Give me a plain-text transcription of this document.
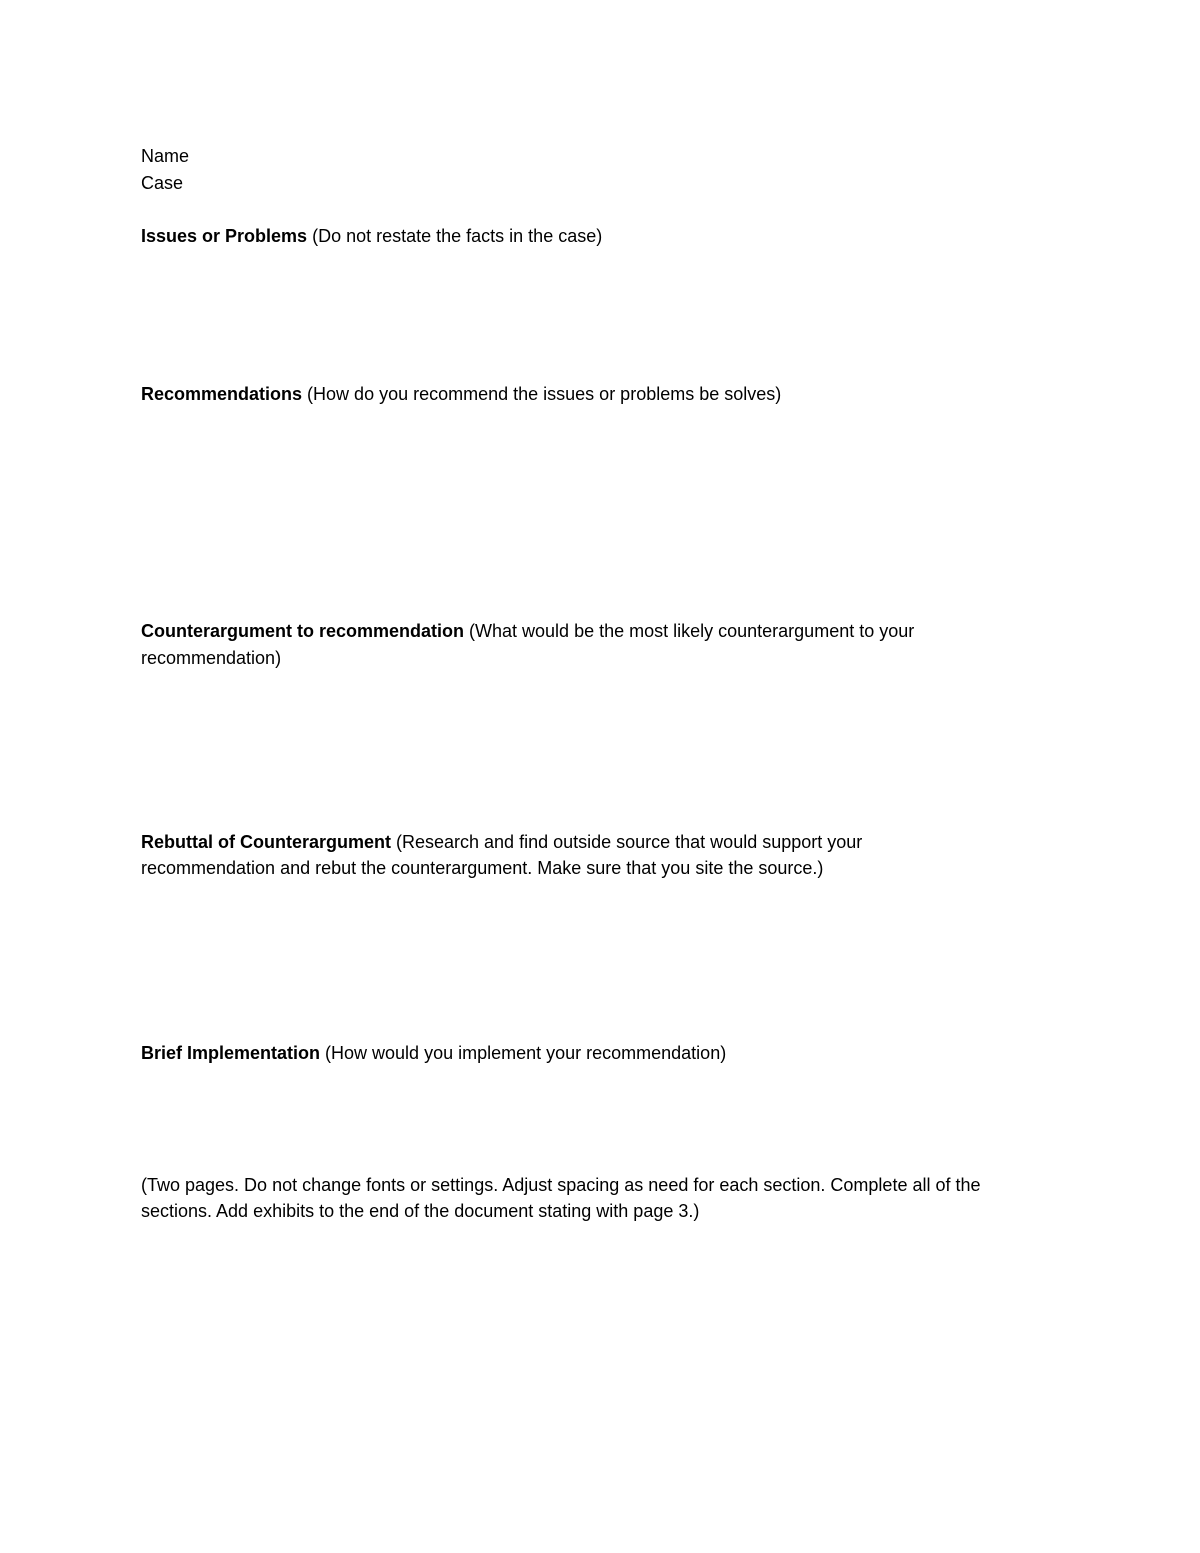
Name
Case
Issues or Problems (Do not restate the facts in the case)
Recommendations (How do you recommend the issues or problems be solves)
Counterargument to recommendation (What would be the most likely counterargument to your
recommendation)
Rebuttal of Counterargument (Research and find outside source that would support your
recommendation and rebut the counterargument. Make sure that you site the source.)
Brief Implementation (How would you implement your recommendation)
(Two pages. Do not change fonts or settings. Adjust spacing as need for each section. Complete all of the
sections. Add exhibits to the end of the document stating with page 3.)
